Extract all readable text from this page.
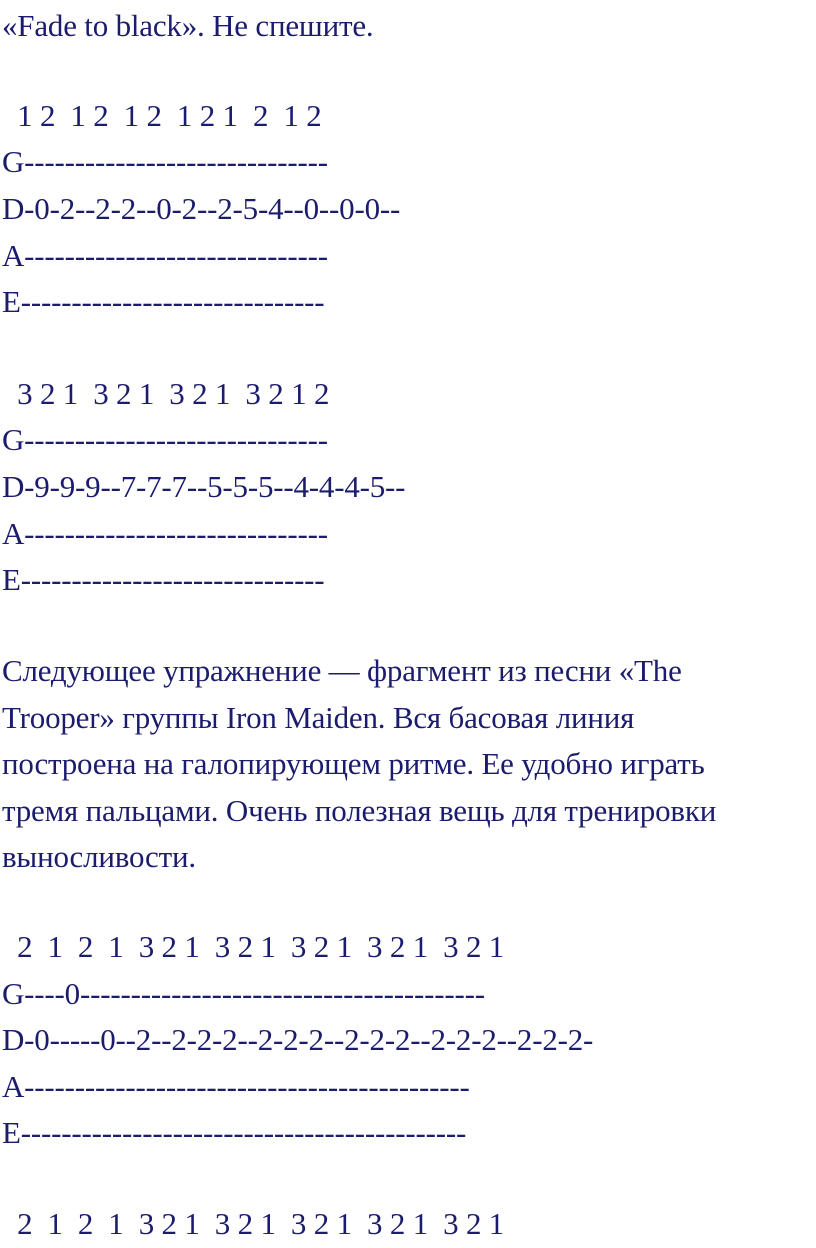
«Fade to black». Не спешите.
1 2  1 2  1 2  1 2 1  2  1 2
G------------------------------
D-0-2--2-2--0-2--2-5-4--0--0-0--
A------------------------------
E------------------------------
3 2 1  3 2 1  3 2 1  3 2 1 2
G------------------------------
D-9-9-9--7-7-7--5-5-5--4-4-4-5--
A------------------------------
E------------------------------
Следующее упражнение — фрагмент из песни «The
Trooper» группы Iron Maiden. Вся басовая линия
построена на галопирующем ритме. Ее удобно играть
тремя пальцами. Очень полезная вещь для тренировки
выносливости.
2  1  2  1  3 2 1  3 2 1  3 2 1  3 2 1  3 2 1
G----0----------------------------------------
D-0-----0--2--2-2-2--2-2-2--2-2-2--2-2-2--2-2-2-
A--------------------------------------------
E--------------------------------------------
2  1  2  1  3 2 1  3 2 1  3 2 1  3 2 1  3 2 1
